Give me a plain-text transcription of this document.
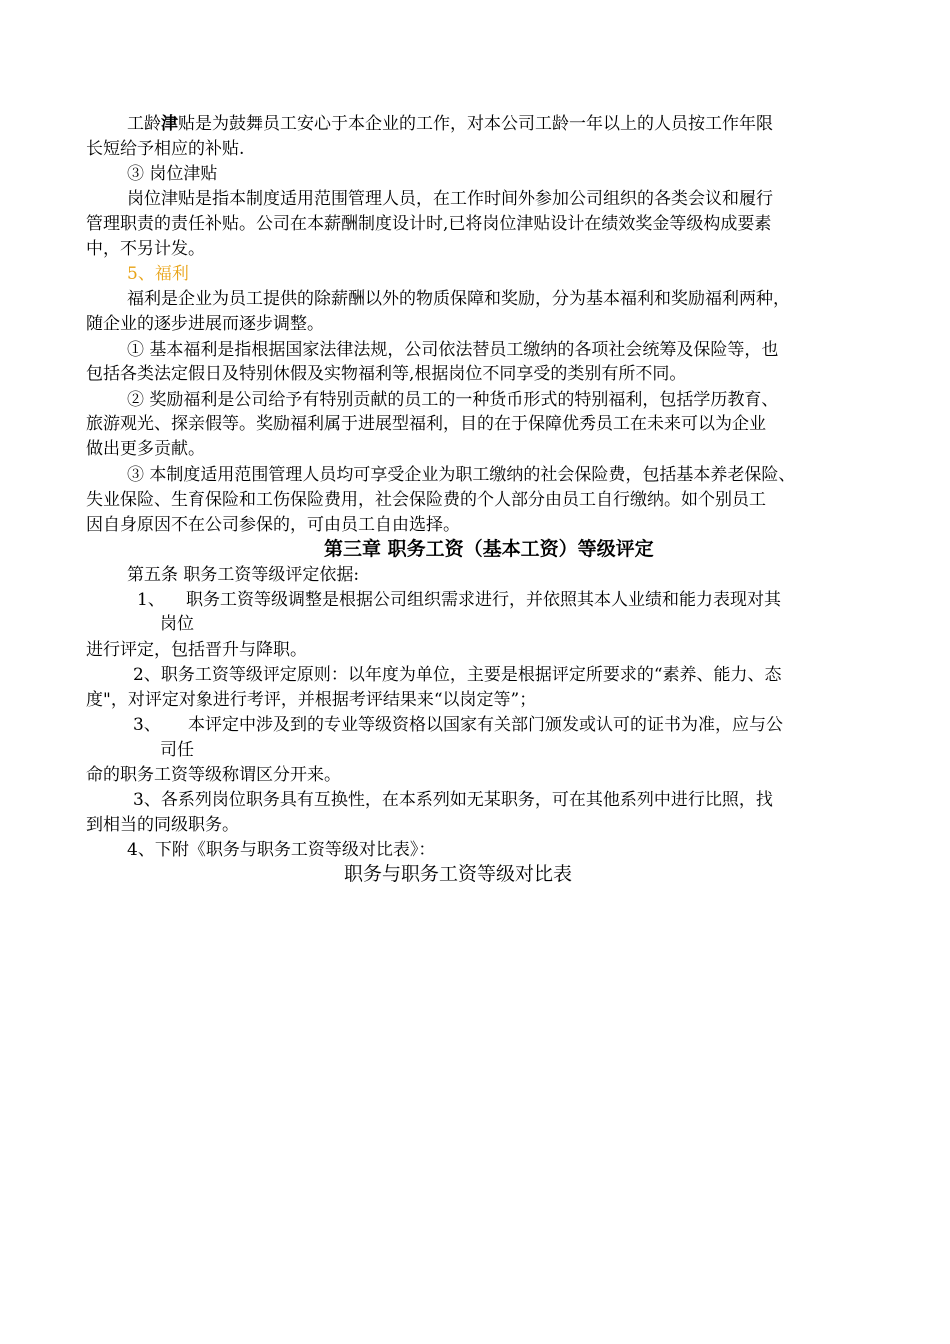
工龄津贴是为鼓舞员工安心于本企业的工作，对本公司工龄一年以上的人员按工作年限
长短给予相应的补贴.
③ 岗位津贴
岗位津贴是指本制度适用范围管理人员，在工作时间外参加公司组织的各类会议和履行
管理职责的责任补贴。公司在本薪酬制度设计时,已将岗位津贴设计在绩效奖金等级构成要素
中，不另计发。
5、福利
福利是企业为员工提供的除薪酬以外的物质保障和奖励，分为基本福利和奖励福利两种，
随企业的逐步进展而逐步调整。
① 基本福利是指根据国家法律法规，公司依法替员工缴纳的各项社会统筹及保险等，也
包括各类法定假日及特别休假及实物福利等,根据岗位不同享受的类别有所不同。
② 奖励福利是公司给予有特别贡献的员工的一种货币形式的特别福利，包括学历教育、
旅游观光、探亲假等。奖励福利属于进展型福利，目的在于保障优秀员工在未来可以为企业
做出更多贡献。
③ 本制度适用范围管理人员均可享受企业为职工缴纳的社会保险费，包括基本养老保险、
失业保险、生育保险和工伤保险费用，社会保险费的个人部分由员工自行缴纳。如个别员工
因自身原因不在公司参保的，可由员工自由选择。
第三章 职务工资（基本工资）等级评定
第五条 职务工资等级评定依据:
1、 职务工资等级调整是根据公司组织需求进行，并依照其本人业绩和能力表现对其
岗位
进行评定，包括晋升与降职。
2、职务工资等级评定原则：以年度为单位，主要是根据评定所要求的“素养、能力、态
度"，对评定对象进行考评，并根据考评结果来“以岗定等”；
3、 本评定中涉及到的专业等级资格以国家有关部门颁发或认可的证书为准，应与公
司任
命的职务工资等级称谓区分开来。
3、各系列岗位职务具有互换性，在本系列如无某职务，可在其他系列中进行比照，找
到相当的同级职务。
4、下附《职务与职务工资等级对比表》：
职务与职务工资等级对比表
